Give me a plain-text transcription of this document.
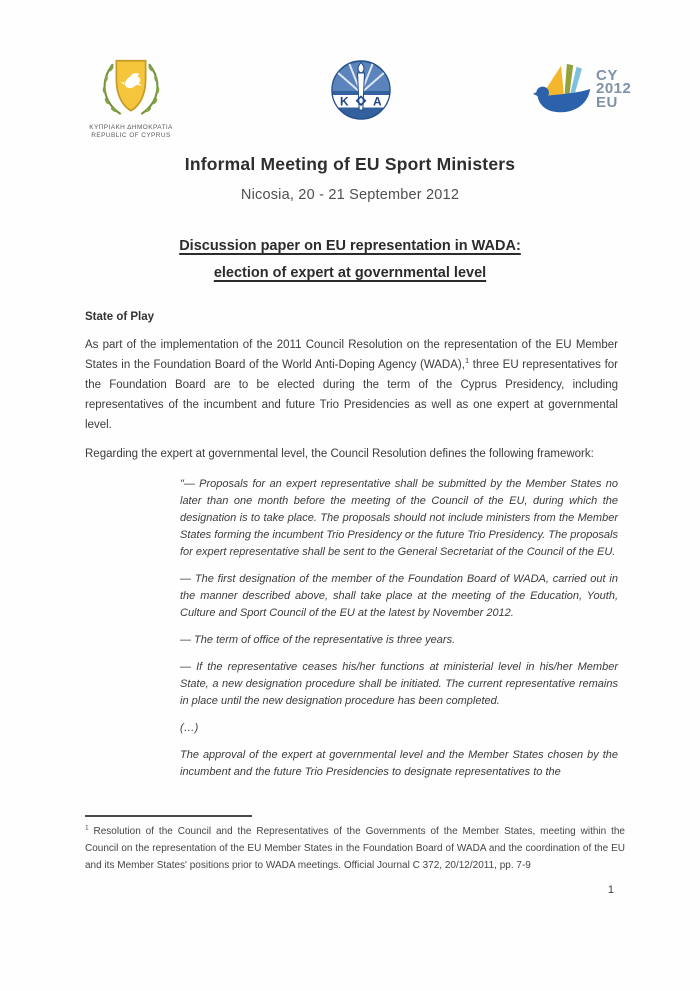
ΚΥΠΡΙΑΚΗ ΔΗΜΟΚΡΑΤΙΑ
REPUBLIC OF CYPRUS
K A
CY
2012
EU
Informal Meeting of EU Sport Ministers
Nicosia, 20 - 21 September 2012
Discussion paper on EU representation in WADA:
election of expert at governmental level
State of Play

As part of the implementation of the 2011 Council Resolution on the representation of the EU Member States in the Foundation Board of the World Anti-Doping Agency (WADA),$^1$ three EU representatives for the Foundation Board are to be elected during the term of the Cyprus Presidency, including representatives of the incumbent and future Trio Presidencies as well as one expert at governmental level.

Regarding the expert at governmental level, the Council Resolution defines the following framework:

"— Proposals for an expert representative shall be submitted by the Member States no later than one month before the meeting of the Council of the EU, during which the designation is to take place. The proposals should not include ministers from the Member States forming the incumbent Trio Presidency or the future Trio Presidency. The proposals for expert representative shall be sent to the General Secretariat of the Council of the EU.

— The first designation of the member of the Foundation Board of WADA, carried out in the manner described above, shall take place at the meeting of the Education, Youth, Culture and Sport Council of the EU at the latest by November 2012.

— The term of office of the representative is three years.

— If the representative ceases his/her functions at ministerial level in his/her Member State, a new designation procedure shall be initiated. The current representative remains in place until the new designation procedure has been completed.

(…)

The approval of the expert at governmental level and the Member States chosen by the incumbent and the future Trio Presidencies to designate representatives to the

$^1$ Resolution of the Council and the Representatives of the Governments of the Member States, meeting within the Council on the representation of the EU Member States in the Foundation Board of WADA and the coordination of the EU and its Member States' positions prior to WADA meetings. Official Journal C 372, 20/12/2011, pp. 7-9
1
